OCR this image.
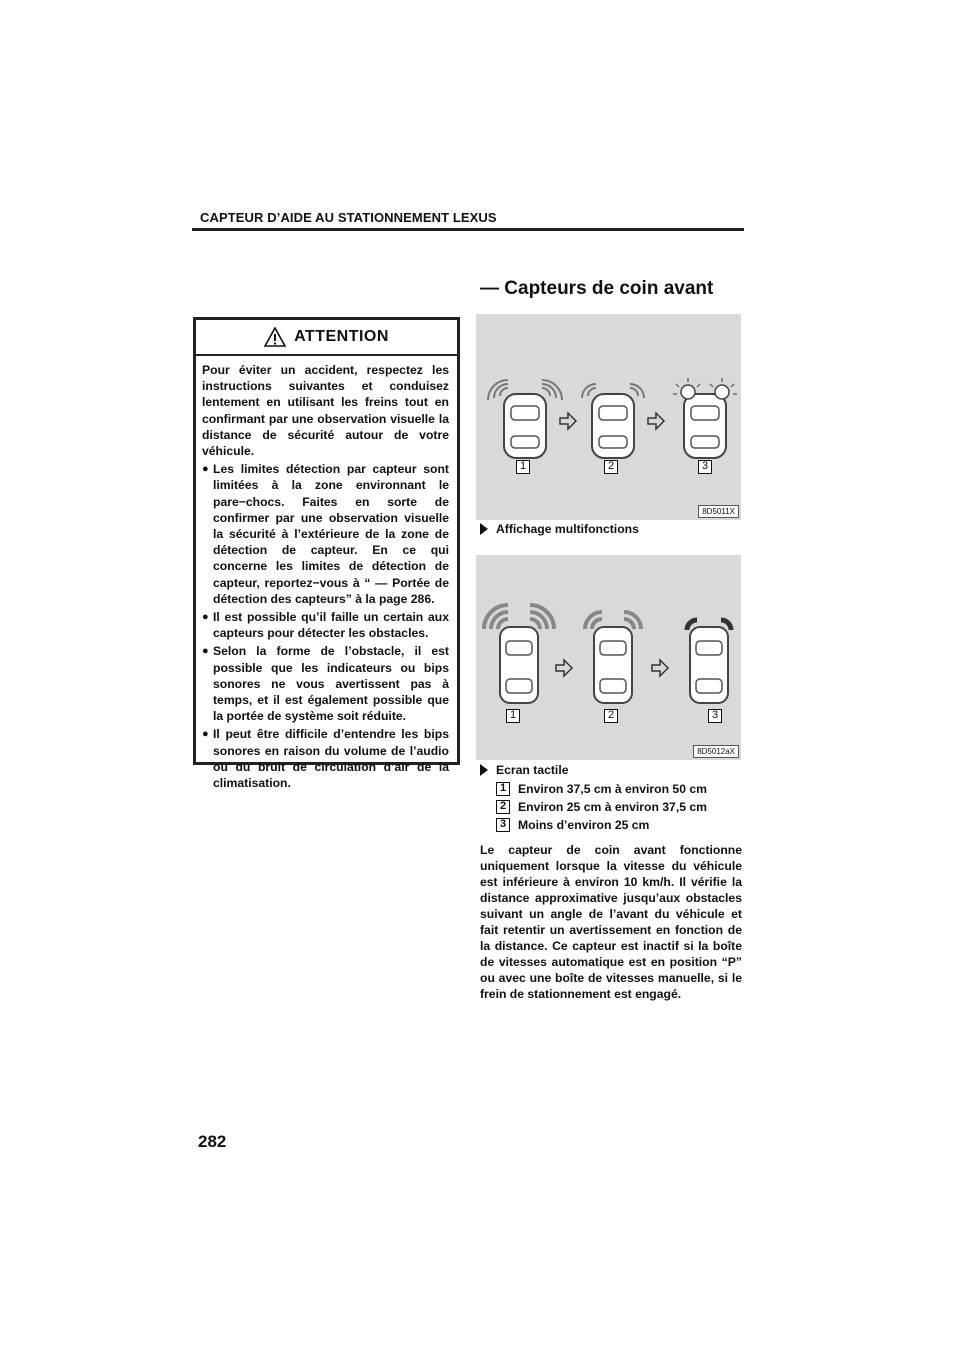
CAPTEUR D’AIDE AU STATIONNEMENT LEXUS
— Capteurs de coin avant
ATTENTION

Pour éviter un accident, respectez les instructions suivantes et conduisez lentement en utilisant les freins tout en confirmant par une observation visuelle la distance de sécurité autour de votre véhicule.

● Les limites détection par capteur sont limitées à la zone environnant le pare−chocs. Faites en sorte de confirmer par une observation visuelle la sécurité à l’extérieure de la zone de détection de capteur. En ce qui concerne les limites de détection de capteur, reportez−vous à “ — Portée de détection des capteurs” à la page 286.
● Il est possible qu’il faille un certain aux capteurs pour détecter les obstacles.
● Selon la forme de l’obstacle, il est possible que les indicateurs ou bips sonores ne vous avertissent pas à temps, et il est également possible que la portée de système soit réduite.
● Il peut être difficile d’entendre les bips sonores en raison du volume de l’audio ou du bruit de circulation d’air de la climatisation.
1	2	3
8D5011X
Affichage multifonctions
1	2	3
8D5012aX
Ecran tactile
1 Environ 37,5 cm à environ 50 cm
2 Environ 25 cm à environ 37,5 cm
3 Moins d’environ 25 cm

Le capteur de coin avant fonctionne uniquement lorsque la vitesse du véhicule est inférieure à environ 10 km/h. Il vérifie la distance approximative jusqu’aux obstacles suivant un angle de l’avant du véhicule et fait retentir un avertissement en fonction de la distance. Ce capteur est inactif si la boîte de vitesses automatique est en position “P” ou avec une boîte de vitesses manuelle, si le frein de stationnement est engagé.

282
